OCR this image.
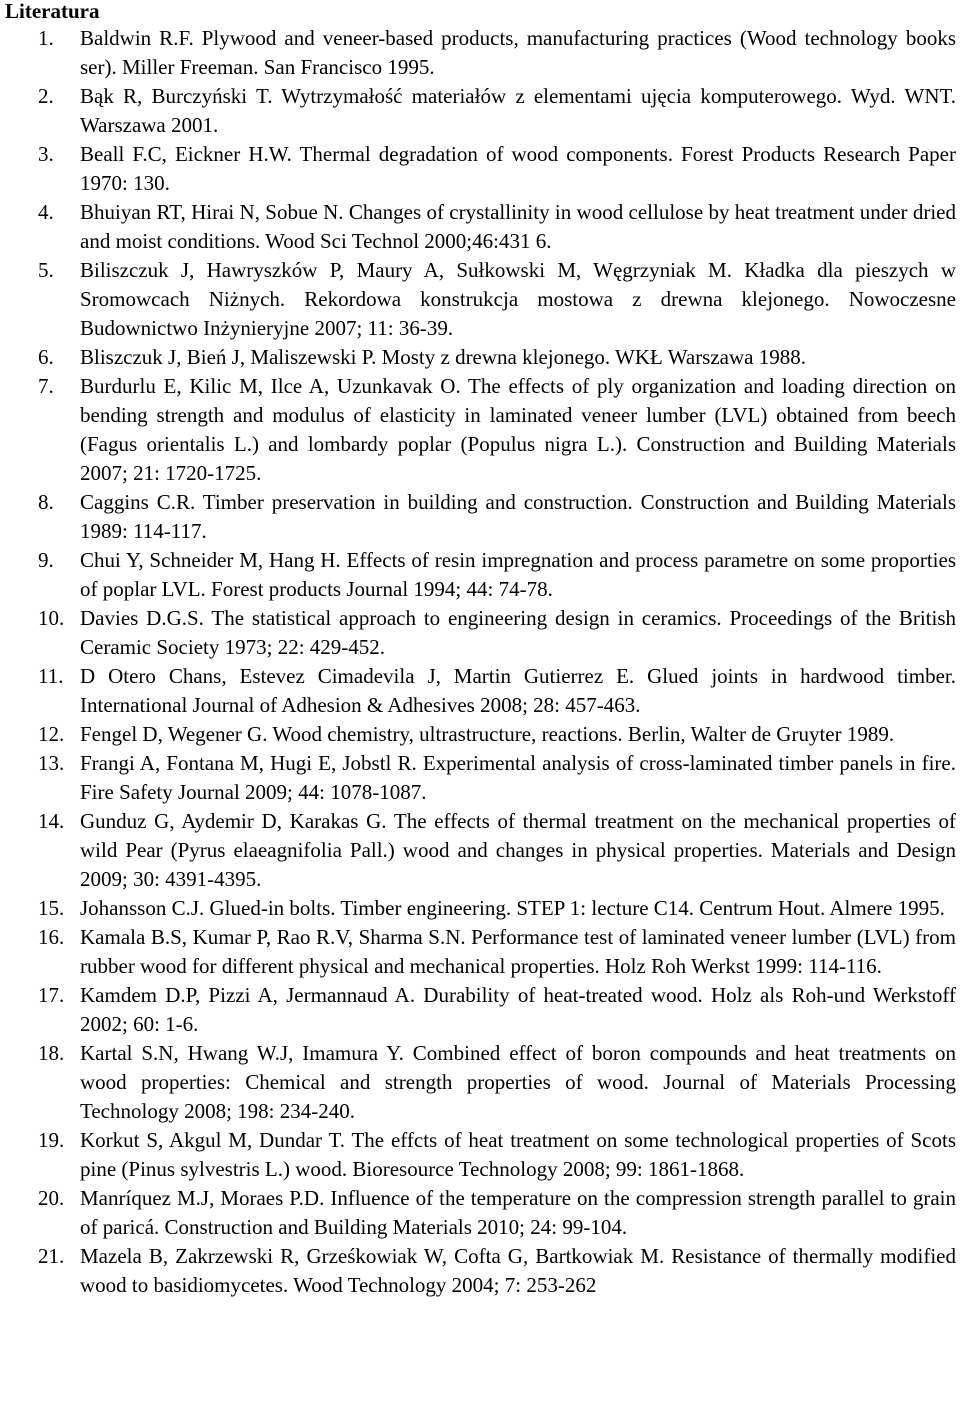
Literatura
1.	Baldwin R.F. Plywood and veneer-based products, manufacturing practices (Wood technology books ser). Miller Freeman. San Francisco 1995.
2.	Bąk R, Burczyński T. Wytrzymałość materiałów z elementami ujęcia komputerowego. Wyd. WNT. Warszawa 2001.
3.	Beall F.C, Eickner H.W. Thermal degradation of wood components. Forest Products Research Paper 1970: 130.
4.	Bhuiyan RT, Hirai N, Sobue N. Changes of crystallinity in wood cellulose by heat treatment under dried and moist conditions. Wood Sci Technol 2000;46:431 6.
5.	Biliszczuk J, Hawryszków P, Maury A, Sułkowski M, Węgrzyniak M. Kładka dla pieszych w Sromowcach Niżnych. Rekordowa konstrukcja mostowa z drewna klejonego. Nowoczesne Budownictwo Inżynieryjne 2007; 11: 36-39.
6.	Bliszczuk J, Bień J, Maliszewski P. Mosty z drewna klejonego. WKŁ Warszawa 1988.
7.	Burdurlu E, Kilic M, Ilce A, Uzunkavak O. The effects of ply organization and loading direction on bending strength and modulus of elasticity in laminated veneer lumber (LVL) obtained from beech (Fagus orientalis L.) and lombardy poplar (Populus nigra L.). Construction and Building Materials 2007; 21: 1720-1725.
8.	Caggins C.R. Timber preservation in building and construction. Construction and Building Materials 1989: 114-117.
9.	Chui Y, Schneider M, Hang H. Effects of resin impregnation and process parametre on some proporties of poplar LVL. Forest products Journal 1994; 44: 74-78.
10. Davies D.G.S. The statistical approach to engineering design in ceramics. Proceedings of the British Ceramic Society 1973; 22: 429-452.
11. D Otero Chans, Estevez Cimadevila J, Martin Gutierrez E. Glued joints in hardwood timber. International Journal of Adhesion & Adhesives 2008; 28: 457-463.
12. Fengel D, Wegener G. Wood chemistry, ultrastructure, reactions. Berlin, Walter de Gruyter 1989.
13. Frangi A, Fontana M, Hugi E, Jobstl R. Experimental analysis of cross-laminated timber panels in fire. Fire Safety Journal 2009; 44: 1078-1087.
14. Gunduz G, Aydemir D, Karakas G. The effects of thermal treatment on the mechanical properties of wild Pear (Pyrus elaeagnifolia Pall.) wood and changes in physical properties. Materials and Design 2009; 30: 4391-4395.
15. Johansson C.J. Glued-in bolts. Timber engineering. STEP 1: lecture C14. Centrum Hout. Almere 1995.
16. Kamala B.S, Kumar P, Rao R.V, Sharma S.N. Performance test of laminated veneer lumber (LVL) from rubber wood for different physical and mechanical properties. Holz Roh Werkst 1999: 114-116.
17. Kamdem D.P, Pizzi A, Jermannaud A. Durability of heat-treated wood. Holz als Roh-und Werkstoff 2002; 60: 1-6.
18. Kartal S.N, Hwang W.J, Imamura Y. Combined effect of boron compounds and heat treatments on wood properties: Chemical and strength properties of wood. Journal of Materials Processing Technology 2008; 198: 234-240.
19. Korkut S, Akgul M, Dundar T. The effcts of heat treatment on some technological properties of Scots pine (Pinus sylvestris L.) wood. Bioresource Technology 2008; 99: 1861-1868.
20. Manríquez M.J, Moraes P.D. Influence of the temperature on the compression strength parallel to grain of paricá. Construction and Building Materials 2010; 24: 99-104.
21. Mazela B, Zakrzewski R, Grześkowiak W, Cofta G, Bartkowiak M. Resistance of thermally modified wood to basidiomycetes. Wood Technology 2004; 7: 253-262
